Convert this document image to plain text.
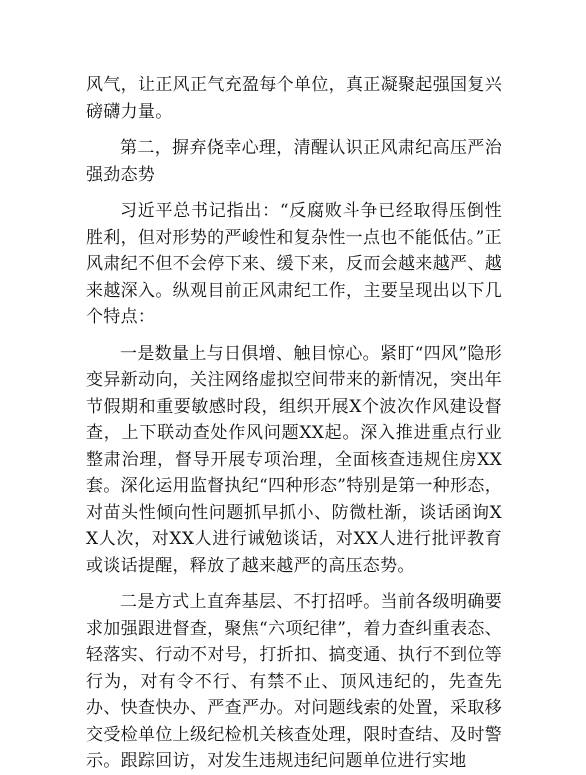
风气，让正风正气充盈每个单位，真正凝聚起强国复兴磅礴力量。

第二，摒弃侥幸心理，清醒认识正风肃纪高压严治强劲态势

习近平总书记指出：“反腐败斗争已经取得压倒性胜利，但对形势的严峻性和复杂性一点也不能低估。”正风肃纪不但不会停下来、缓下来，反而会越来越严、越来越深入。纵观目前正风肃纪工作，主要呈现出以下几个特点：

一是数量上与日俱增、触目惊心。紧盯“四风”隐形变异新动向，关注网络虚拟空间带来的新情况，突出年节假期和重要敏感时段，组织开展X个波次作风建设督查，上下联动查处作风问题XX起。深入推进重点行业整肃治理，督导开展专项治理，全面核查违规住房XX套。深化运用监督执纪“四种形态”特别是第一种形态，对苗头性倾向性问题抓早抓小、防微杜渐，谈话函询XX人次，对XX人进行诫勉谈话，对XX人进行批评教育或谈话提醒，释放了越来越严的高压态势。

二是方式上直奔基层、不打招呼。当前各级明确要求加强跟进督查，聚焦“六项纪律”，着力查纠重表态、轻落实、行动不对号，打折扣、搞变通、执行不到位等行为，对有令不行、有禁不止、顶风违纪的，先查先办、快查快办、严查严办。对问题线索的处置，采取移交受检单位上级纪检机关核查处理，限时查结、及时警示。跟踪回访，对发生违规违纪问题单位进行实地
